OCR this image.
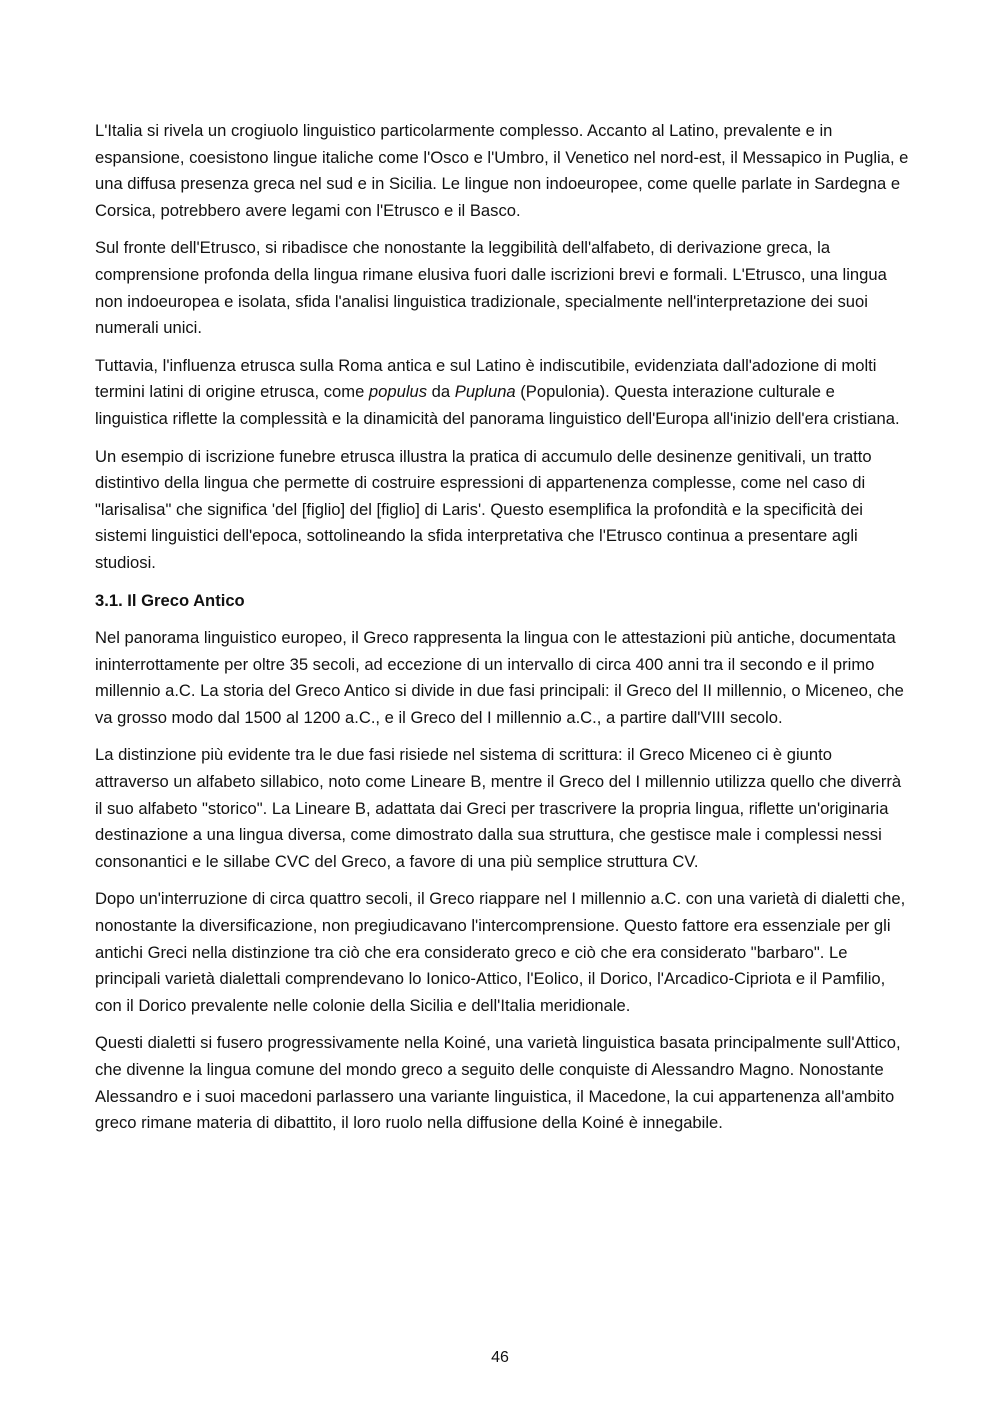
L'Italia si rivela un crogiuolo linguistico particolarmente complesso. Accanto al Latino, prevalente e in espansione, coesistono lingue italiche come l'Osco e l'Umbro, il Venetico nel nord-est, il Messapico in Puglia, e una diffusa presenza greca nel sud e in Sicilia. Le lingue non indoeuropee, come quelle parlate in Sardegna e Corsica, potrebbero avere legami con l'Etrusco e il Basco.

Sul fronte dell'Etrusco, si ribadisce che nonostante la leggibilità dell'alfabeto, di derivazione greca, la comprensione profonda della lingua rimane elusiva fuori dalle iscrizioni brevi e formali. L'Etrusco, una lingua non indoeuropea e isolata, sfida l'analisi linguistica tradizionale, specialmente nell'interpretazione dei suoi numerali unici.

Tuttavia, l'influenza etrusca sulla Roma antica e sul Latino è indiscutibile, evidenziata dall'adozione di molti termini latini di origine etrusca, come populus da Pupluna (Populonia). Questa interazione culturale e linguistica riflette la complessità e la dinamicità del panorama linguistico dell'Europa all'inizio dell'era cristiana.

Un esempio di iscrizione funebre etrusca illustra la pratica di accumulo delle desinenze genitivali, un tratto distintivo della lingua che permette di costruire espressioni di appartenenza complesse, come nel caso di "larisalisa" che significa 'del [figlio] del [figlio] di Laris'. Questo esemplifica la profondità e la specificità dei sistemi linguistici dell'epoca, sottolineando la sfida interpretativa che l'Etrusco continua a presentare agli studiosi.

3.1. Il Greco Antico

Nel panorama linguistico europeo, il Greco rappresenta la lingua con le attestazioni più antiche, documentata ininterrottamente per oltre 35 secoli, ad eccezione di un intervallo di circa 400 anni tra il secondo e il primo millennio a.C. La storia del Greco Antico si divide in due fasi principali: il Greco del II millennio, o Miceneo, che va grosso modo dal 1500 al 1200 a.C., e il Greco del I millennio a.C., a partire dall'VIII secolo.

La distinzione più evidente tra le due fasi risiede nel sistema di scrittura: il Greco Miceneo ci è giunto attraverso un alfabeto sillabico, noto come Lineare B, mentre il Greco del I millennio utilizza quello che diverrà il suo alfabeto "storico". La Lineare B, adattata dai Greci per trascrivere la propria lingua, riflette un'originaria destinazione a una lingua diversa, come dimostrato dalla sua struttura, che gestisce male i complessi nessi consonantici e le sillabe CVC del Greco, a favore di una più semplice struttura CV.

Dopo un'interruzione di circa quattro secoli, il Greco riappare nel I millennio a.C. con una varietà di dialetti che, nonostante la diversificazione, non pregiudicavano l'intercomprensione. Questo fattore era essenziale per gli antichi Greci nella distinzione tra ciò che era considerato greco e ciò che era considerato "barbaro". Le principali varietà dialettali comprendevano lo Ionico-Attico, l'Eolico, il Dorico, l'Arcadico-Cipriota e il Pamfilio, con il Dorico prevalente nelle colonie della Sicilia e dell'Italia meridionale.

Questi dialetti si fusero progressivamente nella Koiné, una varietà linguistica basata principalmente sull'Attico, che divenne la lingua comune del mondo greco a seguito delle conquiste di Alessandro Magno. Nonostante Alessandro e i suoi macedoni parlassero una variante linguistica, il Macedone, la cui appartenenza all'ambito greco rimane materia di dibattito, il loro ruolo nella diffusione della Koiné è innegabile.

46
